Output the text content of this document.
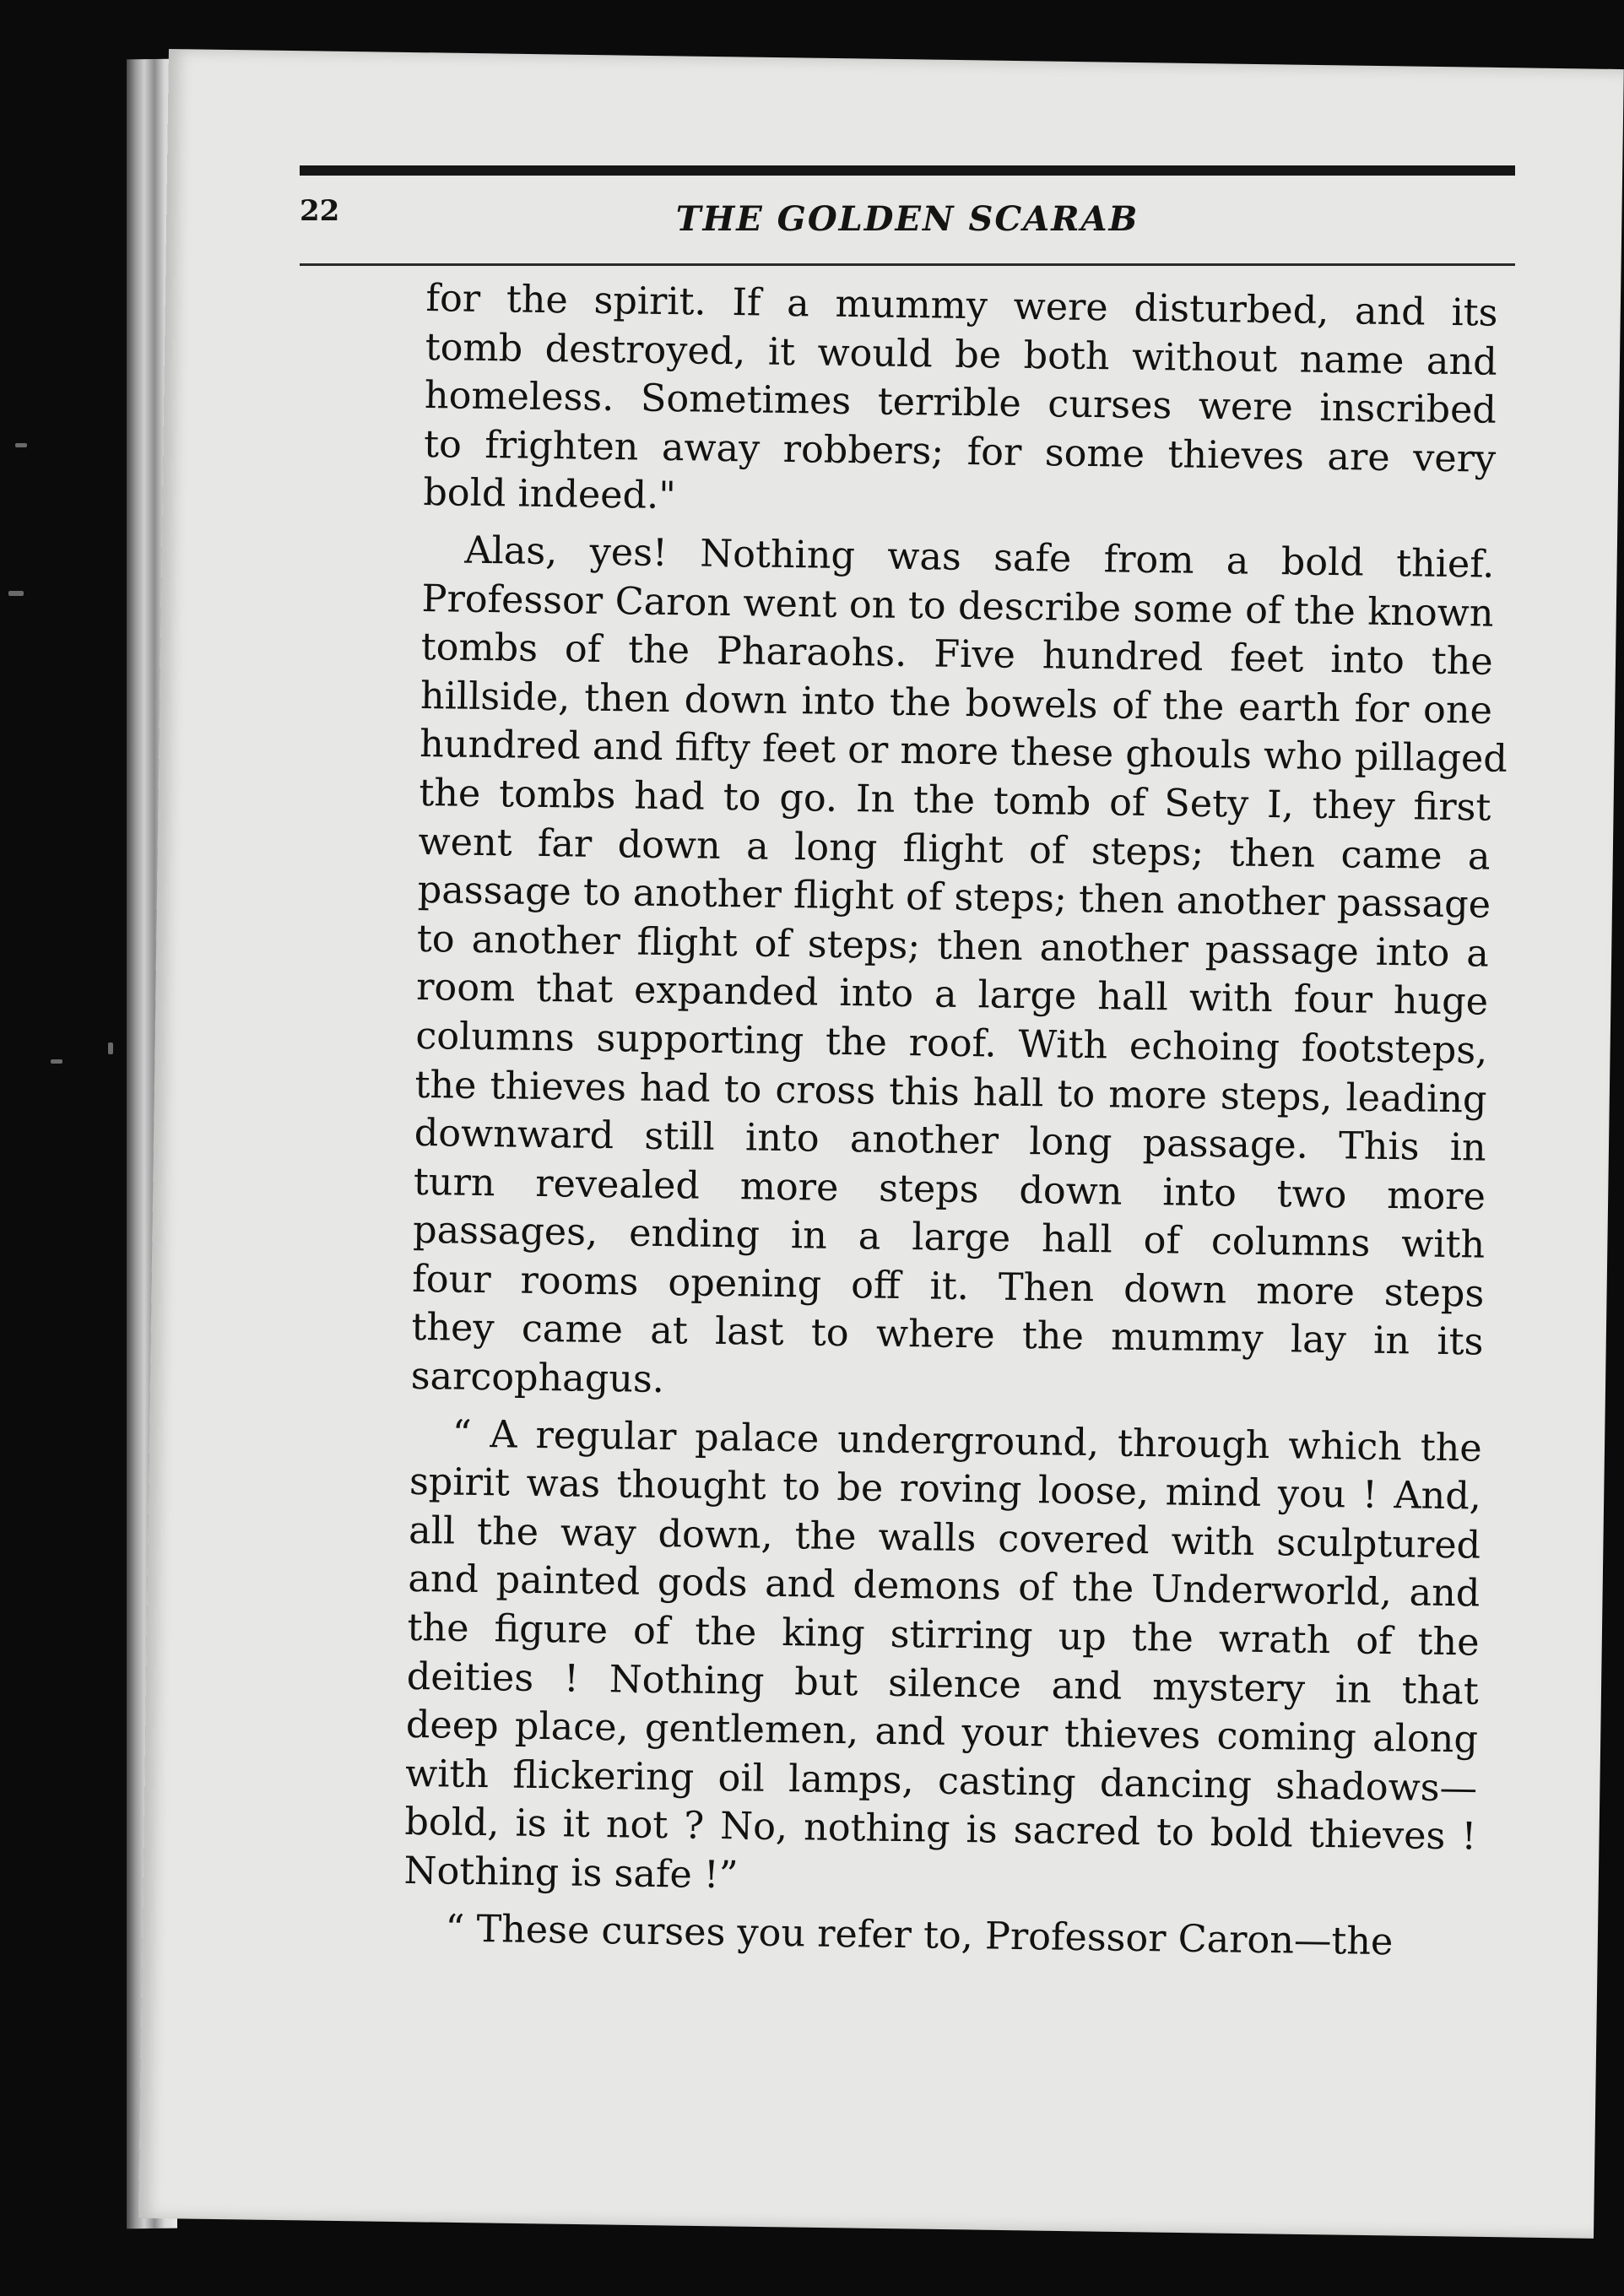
22	THE GOLDEN SCARAB
for the spirit. If a mummy were disturbed, and its
tomb destroyed, it would be both without name and
homeless. Sometimes terrible curses were inscribed
to frighten away robbers; for some thieves are very
bold indeed."
Alas, yes! Nothing was safe from a bold thief.
Professor Caron went on to describe some of the known
tombs of the Pharaohs. Five hundred feet into the
hillside, then down into the bowels of the earth for one
hundred and fifty feet or more these ghouls who pillaged
the tombs had to go. In the tomb of Sety I, they first
went far down a long flight of steps; then came a
passage to another flight of steps; then another passage
to another flight of steps; then another passage into a
room that expanded into a large hall with four huge
columns supporting the roof. With echoing footsteps,
the thieves had to cross this hall to more steps, leading
downward still into another long passage. This in
turn revealed more steps down into two more
passages, ending in a large hall of columns with
four rooms opening off it. Then down more steps
they came at last to where the mummy lay in its
sarcophagus.
“ A regular palace underground, through which the
spirit was thought to be roving loose, mind you ! And,
all the way down, the walls covered with sculptured
and painted gods and demons of the Underworld, and
the figure of the king stirring up the wrath of the
deities ! Nothing but silence and mystery in that
deep place, gentlemen, and your thieves coming along
with flickering oil lamps, casting dancing shadows—
bold, is it not ? No, nothing is sacred to bold thieves !
Nothing is safe !”
“ These curses you refer to, Professor Caron—the
